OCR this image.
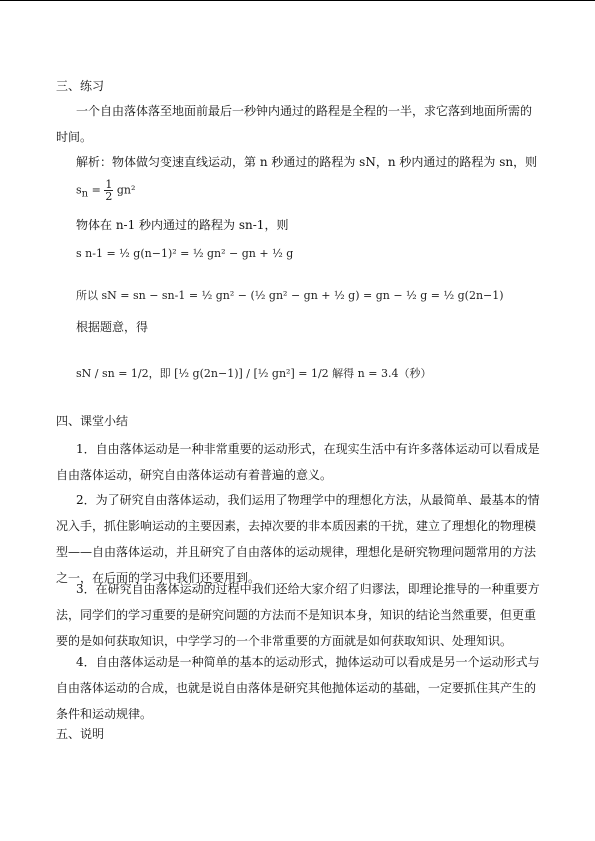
三、练习
一个自由落体落至地面前最后一秒钟内通过的路程是全程的一半，求它落到地面所需的时间。
解析：物体做匀变速直线运动，第 n 秒通过的路程为 sN，n 秒内通过的路程为 sn，则
$s_n = \frac{1}{2} gn^2$
物体在 n-1 秒内通过的路程为 sn-1，则
s n-1 = ½ g(n−1)² = ½ gn² − gn + ½ g
所以 sN = sn − sn-1 = ½ gn² − (½ gn² − gn + ½ g) = gn − ½ g = ½ g(2n−1)
根据题意，得
sN / sn = 1/2，即 [½ g(2n−1)] / [½ gn²] = 1/2 解得 n = 3.4（秒）
四、课堂小结
1．自由落体运动是一种非常重要的运动形式，在现实生活中有许多落体运动可以看成是自由落体运动，研究自由落体运动有着普遍的意义。
2．为了研究自由落体运动，我们运用了物理学中的理想化方法，从最简单、最基本的情况入手，抓住影响运动的主要因素，去掉次要的非本质因素的干扰，建立了理想化的物理模型——自由落体运动，并且研究了自由落体的运动规律，理想化是研究物理问题常用的方法之一，在后面的学习中我们还要用到。
3．在研究自由落体运动的过程中我们还给大家介绍了归谬法，即理论推导的一种重要方法，同学们的学习重要的是研究问题的方法而不是知识本身，知识的结论当然重要，但更重要的是如何获取知识，中学学习的一个非常重要的方面就是如何获取知识、处理知识。
4．自由落体运动是一种简单的基本的运动形式，抛体运动可以看成是另一个运动形式与自由落体运动的合成，也就是说自由落体是研究其他抛体运动的基础，一定要抓住其产生的条件和运动规律。
五、说明
